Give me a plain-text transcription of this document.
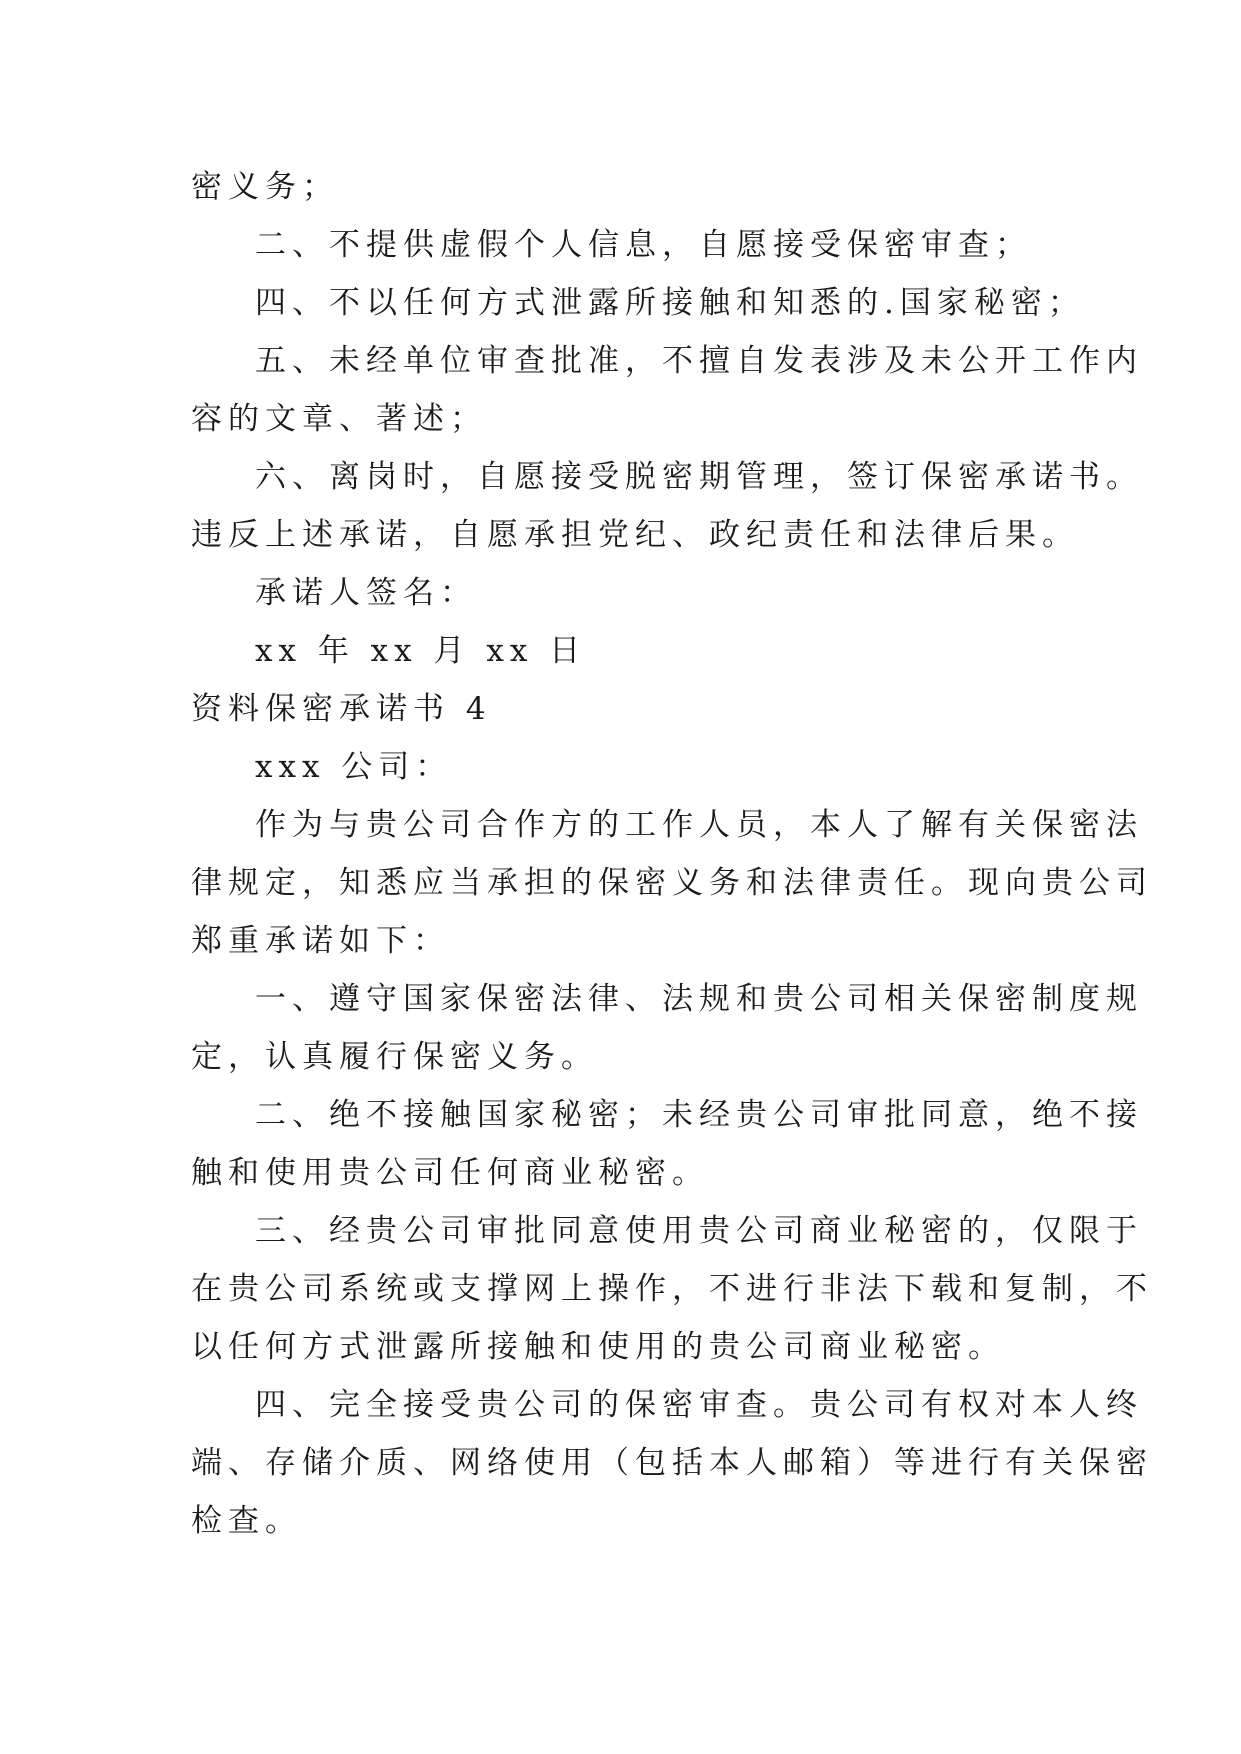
密义务；
二、不提供虚假个人信息，自愿接受保密审查；
四、不以任何方式泄露所接触和知悉的.国家秘密；
五、未经单位审查批准，不擅自发表涉及未公开工作内
容的文章、著述；
六、离岗时，自愿接受脱密期管理，签订保密承诺书。
违反上述承诺，自愿承担党纪、政纪责任和法律后果。
承诺人签名：
xx 年 xx 月 xx 日
资料保密承诺书 4
xxx 公司：
作为与贵公司合作方的工作人员，本人了解有关保密法
律规定，知悉应当承担的保密义务和法律责任。现向贵公司
郑重承诺如下：
一、遵守国家保密法律、法规和贵公司相关保密制度规
定，认真履行保密义务。
二、绝不接触国家秘密；未经贵公司审批同意，绝不接
触和使用贵公司任何商业秘密。
三、经贵公司审批同意使用贵公司商业秘密的，仅限于
在贵公司系统或支撑网上操作，不进行非法下载和复制，不
以任何方式泄露所接触和使用的贵公司商业秘密。
四、完全接受贵公司的保密审查。贵公司有权对本人终
端、存储介质、网络使用（包括本人邮箱）等进行有关保密
检查。
